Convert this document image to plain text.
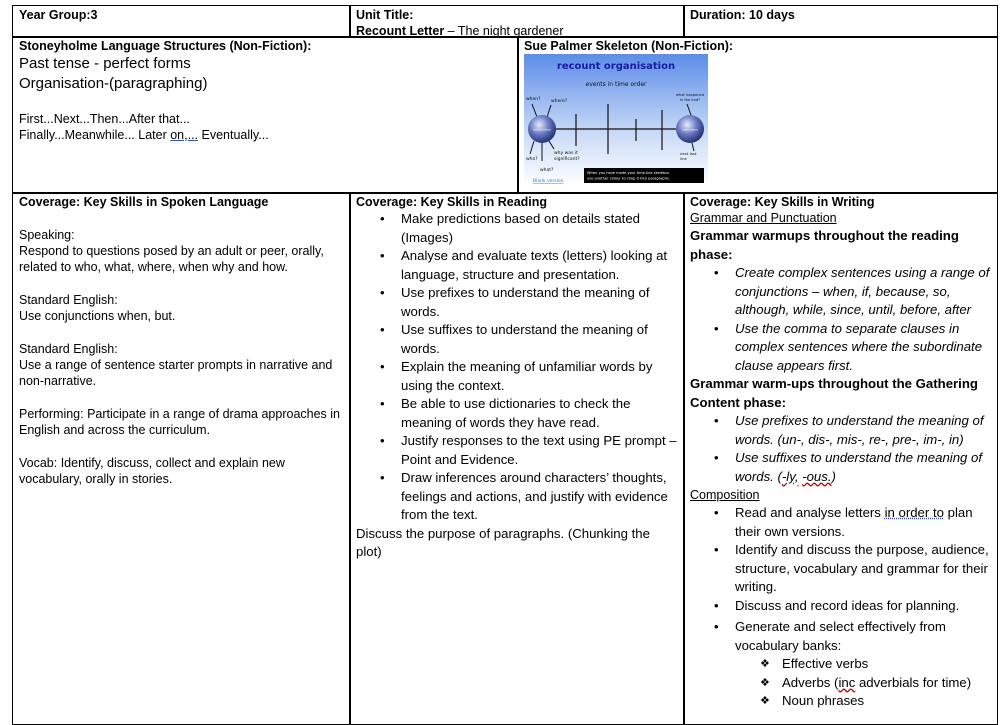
Year Group:3	Unit Title:
Recount Letter – The night gardener
Duration: 10 days
Stoneyholme Language Structures (Non-Fiction):
Past tense - perfect forms
Organisation-(paragraphing)
First...Next...Then...After that...
Finally...Meanwhile... Later on,... Eventually...
Sue Palmer Skeleton (Non-Fiction):
recount organisation
events in time order
when? where?
what happened
in the end?
introduction	conclusion
who?
why was it
significant?
what?
next last
line
When you have made your time-line skeleton,
use another colour to chop it into paragraphs.
Blank version
Coverage: Key Skills in Spoken Language
Speaking:
Respond to questions posed by an adult or peer, orally, related to who, what, where, when why and how.
Standard English:
Use conjunctions when, but.
Standard English:
Use a range of sentence starter prompts in narrative and non-narrative.
Performing: Participate in a range of drama approaches in English and across the curriculum.
Vocab: Identify, discuss, collect and explain new vocabulary, orally in stories.
Coverage: Key Skills in Reading
• Make predictions based on details stated (Images)
• Analyse and evaluate texts (letters) looking at language, structure and presentation.
• Use prefixes to understand the meaning of words.
• Use suffixes to understand the meaning of words.
• Explain the meaning of unfamiliar words by using the context.
• Be able to use dictionaries to check the meaning of words they have read.
• Justify responses to the text using PE prompt – Point and Evidence.
• Draw inferences around characters’ thoughts, feelings and actions, and justify with evidence from the text.
Discuss the purpose of paragraphs. (Chunking the plot)
Coverage: Key Skills in Writing
Grammar and Punctuation
Grammar warmups throughout the reading phase:
• Create complex sentences using a range of conjunctions – when, if, because, so, although, while, since, until, before, after
• Use the comma to separate clauses in complex sentences where the subordinate clause appears first.
Grammar warm-ups throughout the Gathering Content phase:
• Use prefixes to understand the meaning of words. (un-, dis-, mis-, re-, pre-, im-, in)
• Use suffixes to understand the meaning of words. (-ly, -ous.)
Composition
• Read and analyse letters in order to plan their own versions.
• Identify and discuss the purpose, audience, structure, vocabulary and grammar for their writing.
• Discuss and record ideas for planning.
• Generate and select effectively from vocabulary banks:
❖ Effective verbs
❖ Adverbs (inc adverbials for time)
❖ Noun phrases
